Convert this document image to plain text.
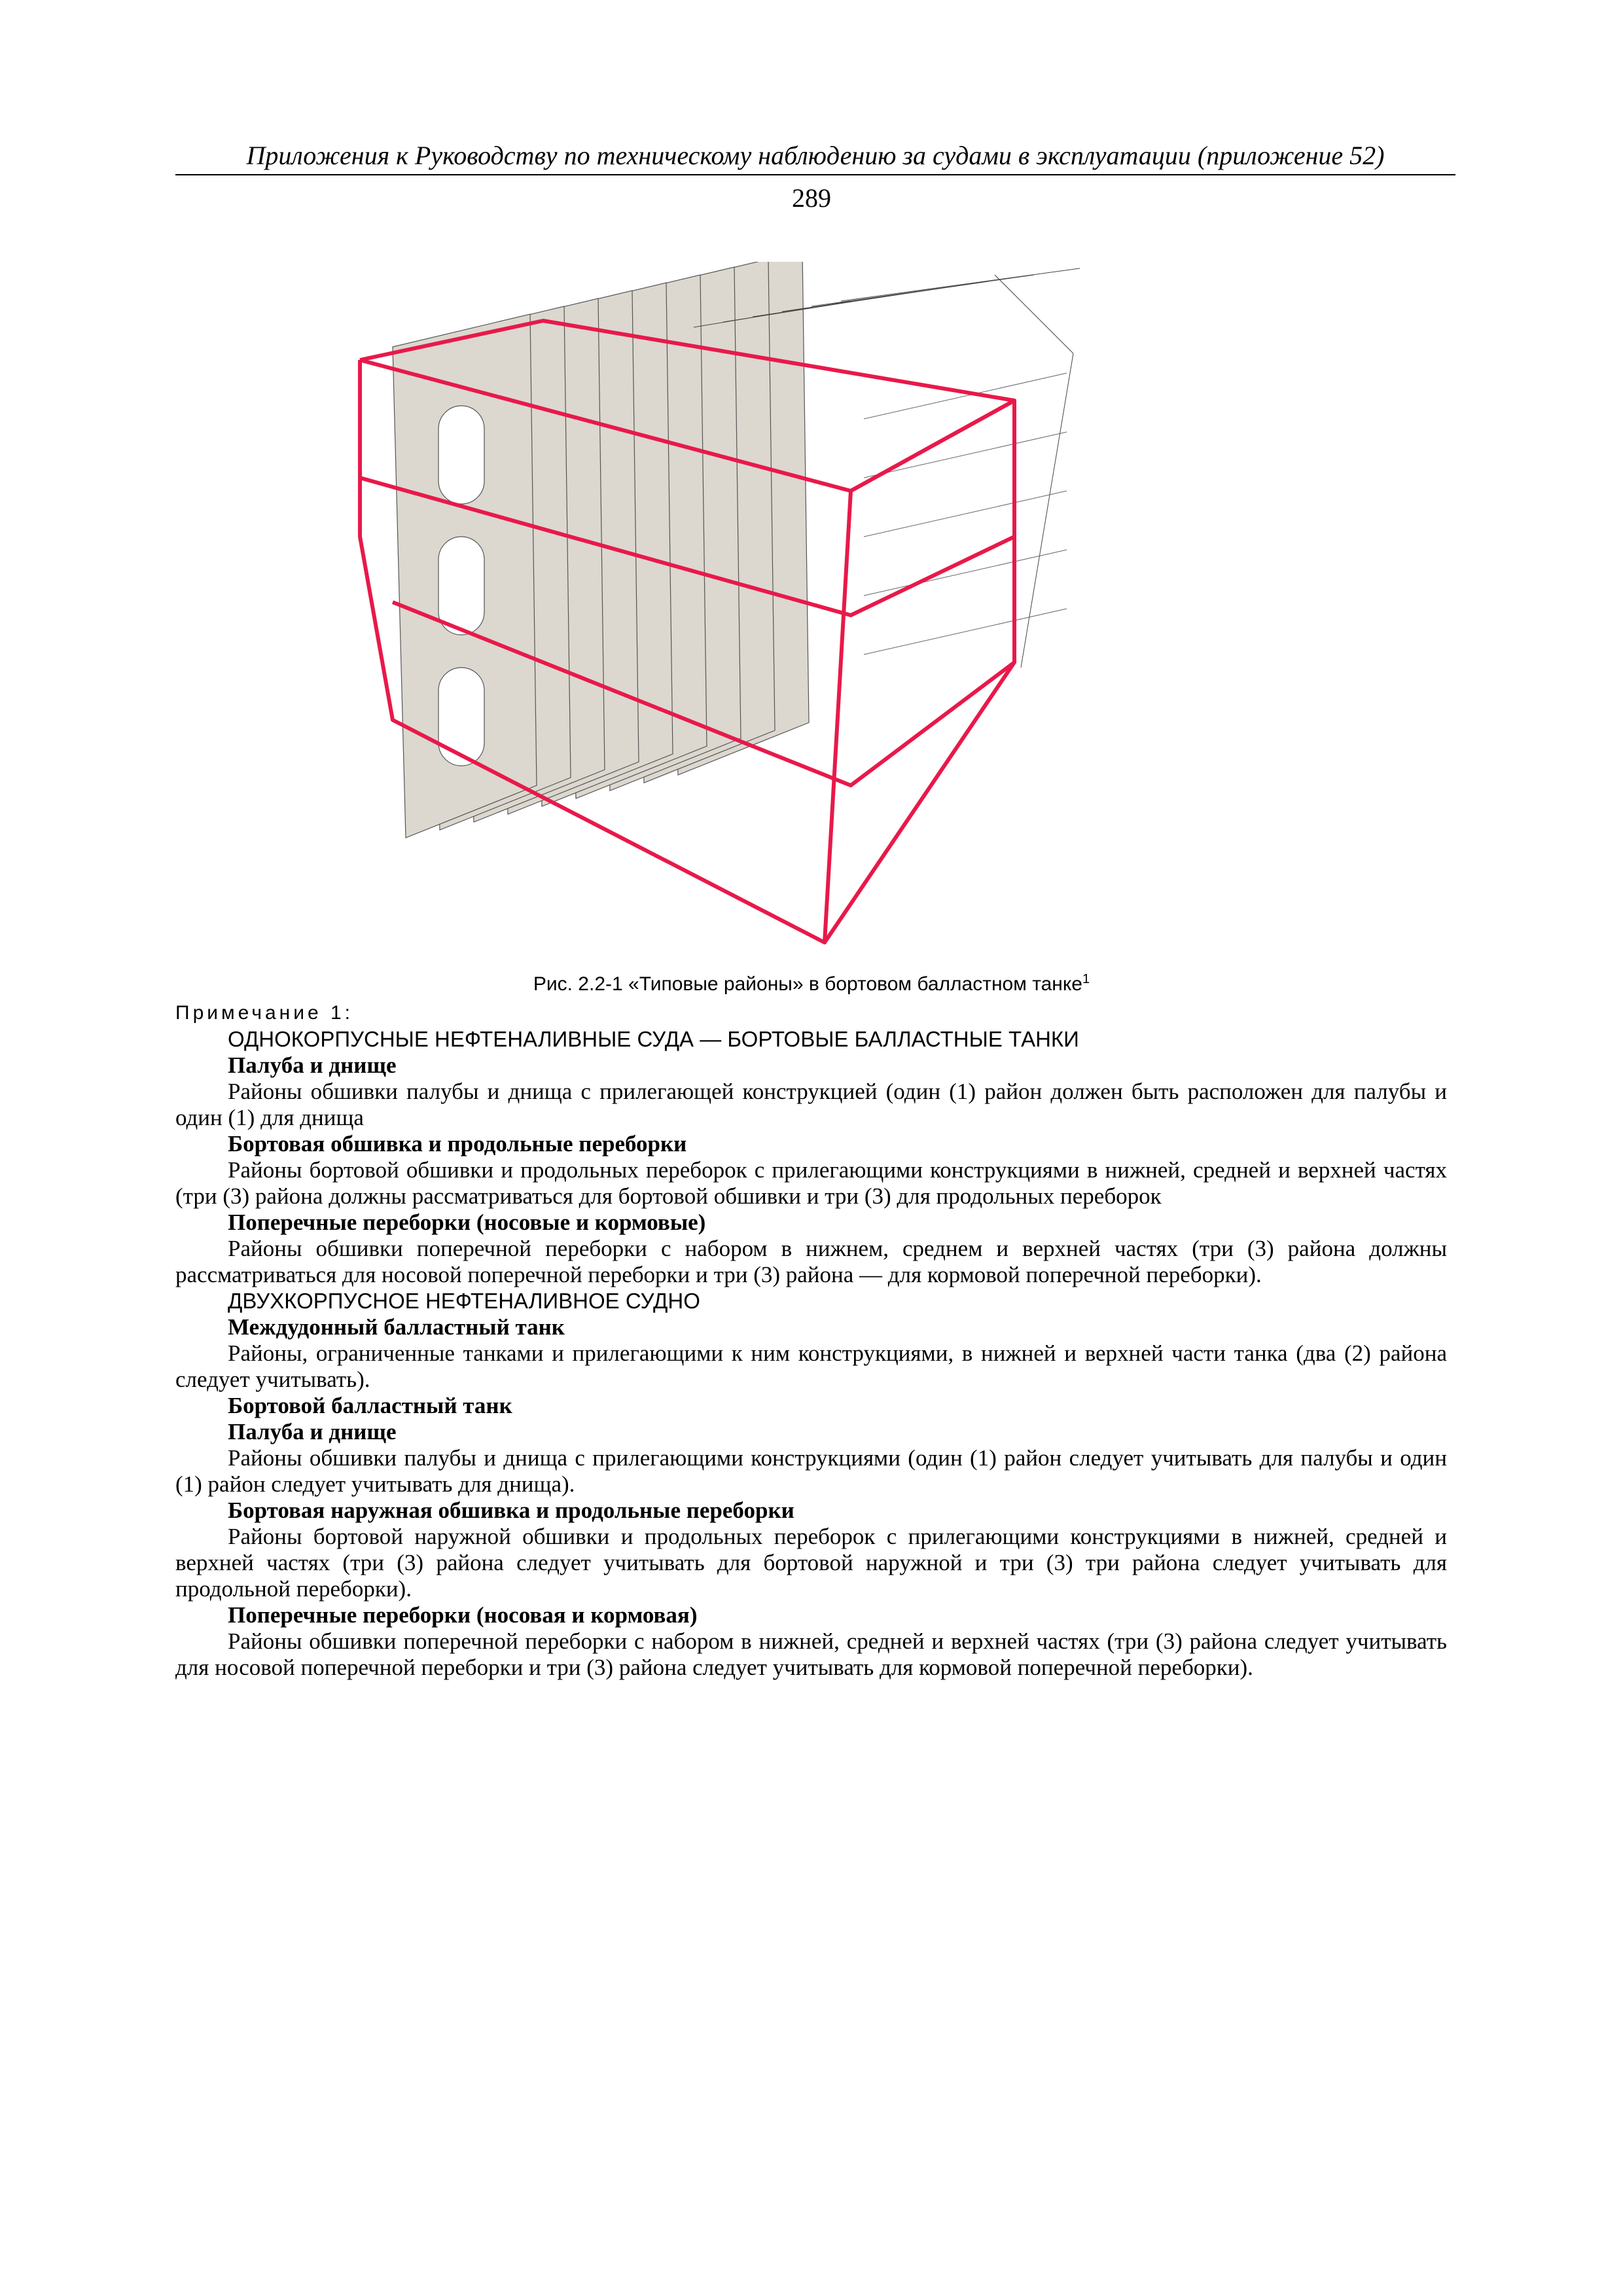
Приложения к Руководству по техническому наблюдению за судами в эксплуатации (приложение 52)
289
Рис. 2.2-1 «Типовые районы» в бортовом балластном танке$^1$
Примечание 1:
ОДНОКОРПУСНЫЕ НЕФТЕНАЛИВНЫЕ СУДА — БОРТОВЫЕ БАЛЛАСТНЫЕ ТАНКИ
Палуба и днище
Районы обшивки палубы и днища с прилегающей конструкцией (один (1) район должен быть расположен для палубы и один (1) для днища
Бортовая обшивка и продольные переборки
Районы бортовой обшивки и продольных переборок с прилегающими конструкциями в нижней, средней и верхней частях (три (3) района должны рассматриваться для бортовой обшивки и три (3) для продольных переборок
Поперечные переборки (носовые и кормовые)
Районы обшивки поперечной переборки с набором в нижнем, среднем и верхней частях (три (3) района должны рассматриваться для носовой поперечной переборки и три (3) района — для кормовой поперечной переборки).
ДВУХКОРПУСНОЕ НЕФТЕНАЛИВНОЕ СУДНО
Междудонный балластный танк
Районы, ограниченные танками и прилегающими к ним конструкциями, в нижней и верхней части танка (два (2) района следует учитывать).
Бортовой балластный танк
Палуба и днище
Районы обшивки палубы и днища с прилегающими конструкциями (один (1) район следует учитывать для палубы и один (1) район следует учитывать для днища).
Бортовая наружная обшивка и продольные переборки
Районы бортовой наружной обшивки и продольных переборок с прилегающими конструкциями в нижней, средней и верхней частях (три (3) района следует учитывать для бортовой наружной и три (3) три района следует учитывать для продольной переборки).
Поперечные переборки (носовая и кормовая)
Районы обшивки поперечной переборки с набором в нижней, средней и верхней частях (три (3) района следует учитывать для носовой поперечной переборки и три (3) района следует учитывать для кормовой поперечной переборки).
